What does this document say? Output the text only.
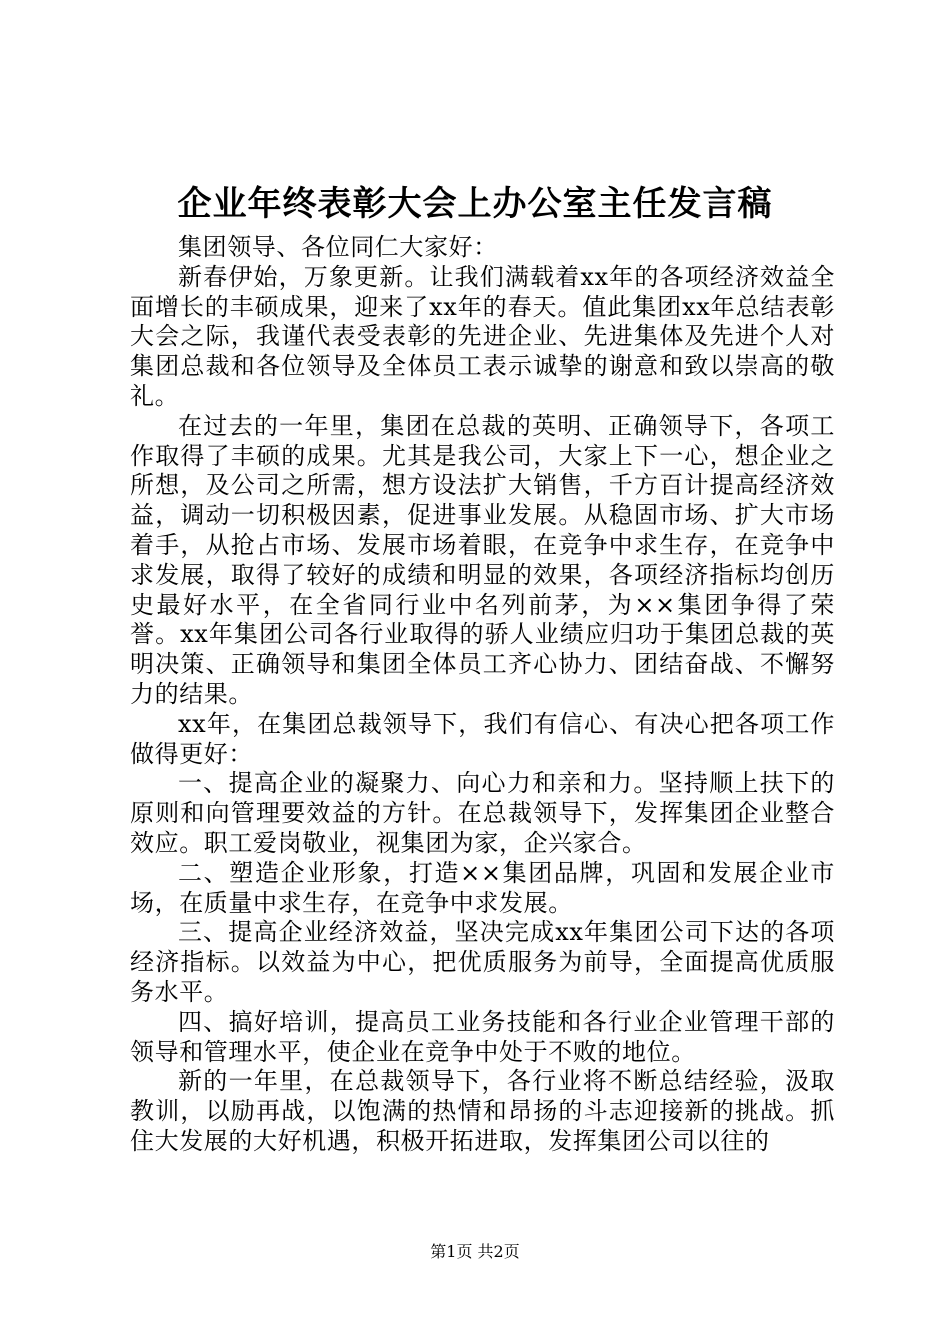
企业年终表彰大会上办公室主任发言稿

集团领导、各位同仁大家好：

新春伊始，万象更新。让我们满载着xx年的各项经济效益全面增长的丰硕成果，迎来了xx年的春天。值此集团xx年总结表彰大会之际，我谨代表受表彰的先进企业、先进集体及先进个人对集团总裁和各位领导及全体员工表示诚挚的谢意和致以崇高的敬礼。

在过去的一年里，集团在总裁的英明、正确领导下，各项工作取得了丰硕的成果。尤其是我公司，大家上下一心，想企业之所想，及公司之所需，想方设法扩大销售，千方百计提高经济效益，调动一切积极因素，促进事业发展。从稳固市场、扩大市场着手，从抢占市场、发展市场着眼，在竞争中求生存，在竞争中求发展，取得了较好的成绩和明显的效果，各项经济指标均创历史最好水平，在全省同行业中名列前茅，为××集团争得了荣誉。xx年集团公司各行业取得的骄人业绩应归功于集团总裁的英明决策、正确领导和集团全体员工齐心协力、团结奋战、不懈努力的结果。

xx年，在集团总裁领导下，我们有信心、有决心把各项工作做得更好：

一、提高企业的凝聚力、向心力和亲和力。坚持顺上扶下的原则和向管理要效益的方针。在总裁领导下，发挥集团企业整合效应。职工爱岗敬业，视集团为家，企兴家合。

二、塑造企业形象，打造××集团品牌，巩固和发展企业市场，在质量中求生存，在竞争中求发展。

三、提高企业经济效益，坚决完成xx年集团公司下达的各项经济指标。以效益为中心，把优质服务为前导，全面提高优质服务水平。

四、搞好培训，提高员工业务技能和各行业企业管理干部的领导和管理水平，使企业在竞争中处于不败的地位。

新的一年里，在总裁领导下，各行业将不断总结经验，汲取教训，以励再战，以饱满的热情和昂扬的斗志迎接新的挑战。抓住大发展的大好机遇，积极开拓进取，发挥集团公司以往的

第1页 共2页
